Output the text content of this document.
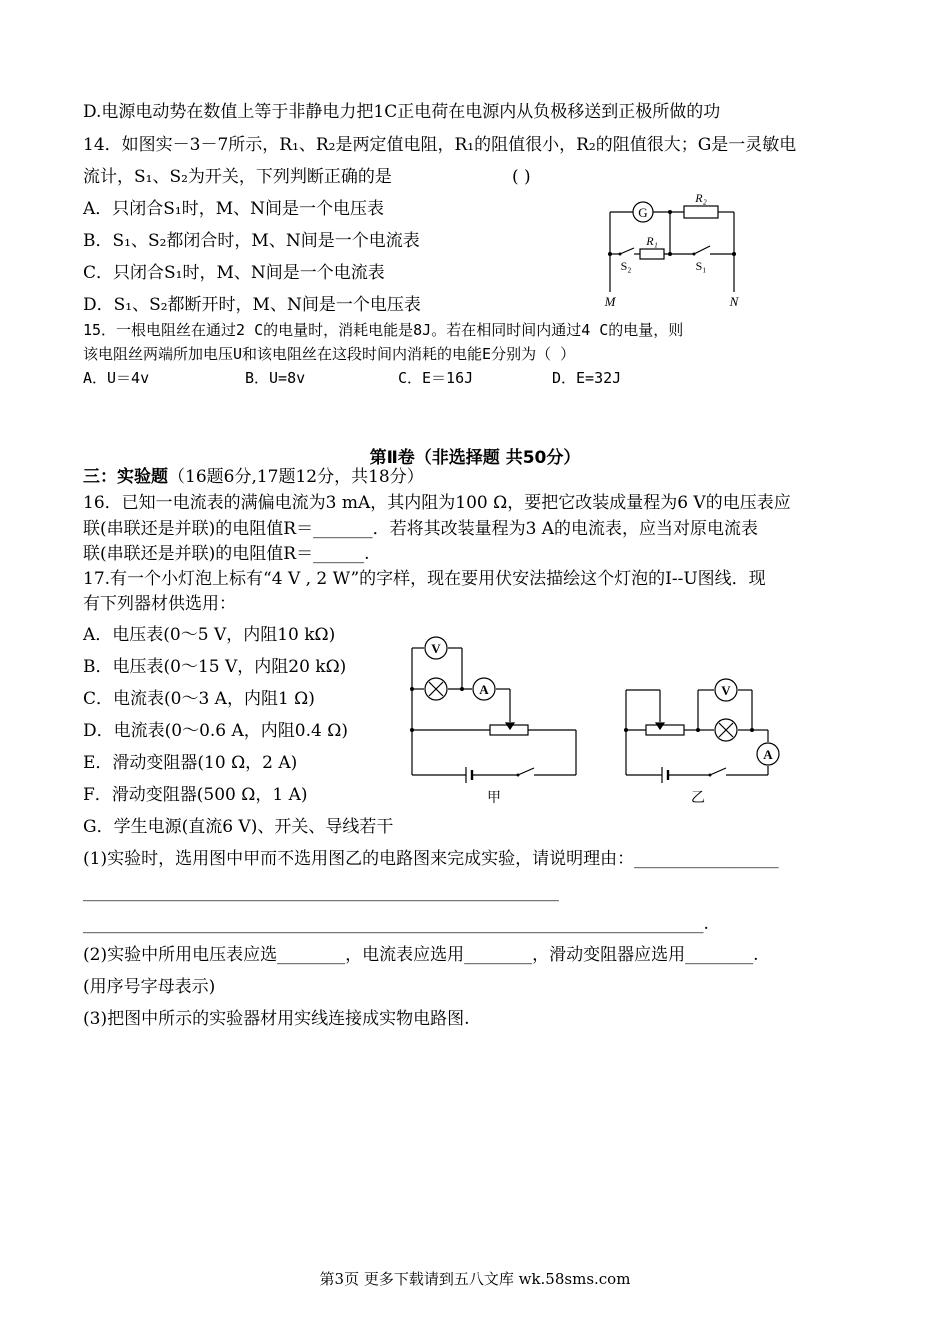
D.电源电动势在数值上等于非静电力把1C正电荷在电源内从负极移送到正极所做的功
14．如图实－3－7所示，R₁、R₂是两定值电阻，R₁的阻值很小，R₂的阻值很大；G是一灵敏电
流计，S₁、S₂为开关，下列判断正确的是	( )
A．只闭合S₁时，M、N间是一个电压表
B．S₁、S₂都闭合时，M、N间是一个电流表
C．只闭合S₁时，M、N间是一个电流表
D．S₁、S₂都断开时，M、N间是一个电压表
G
R₂
R₁
S₂	S₁
M	N
15．一根电阻丝在通过2 C的电量时，消耗电能是8J。若在相同时间内通过4 C的电量，则
该电阻丝两端所加电压U和该电阻丝在这段时间内消耗的电能E分别为（ ）
A．U＝4v	B．U=8v	C．E＝16J	D．E=32J
第Ⅱ卷（非选择题 共50分）
三：实验题（16题6分,17题12分，共18分）
16．已知一电流表的满偏电流为3 mA，其内阻为100 Ω，要把它改装成量程为6 V的电压表应
联(串联还是并联)的电阻值R＝_______．若将其改装量程为3 A的电流表，应当对原电流表
联(串联还是并联)的电阻值R＝______.
17.有一个小灯泡上标有“4 V , 2 W”的字样，现在要用伏安法描绘这个灯泡的I--U图线．现
有下列器材供选用：
A．电压表(0～5 V，内阻10 kΩ)
B．电压表(0～15 V，内阻20 kΩ)
C．电流表(0～3 A，内阻1 Ω)
D．电流表(0～0.6 A，内阻0.4 Ω)
E．滑动变阻器(10 Ω，2 A)
F．滑动变阻器(500 Ω，1 A)
G．学生电源(直流6 V)、开关、导线若干
V
A	V
A
甲	乙
(1)实验时，选用图中甲而不选用图乙的电路图来完成实验，请说明理由：_________________
________________________________________________________
_________________________________________________________________________.
(2)实验中所用电压表应选________，电流表应选用________，滑动变阻器应选用________.
(用序号字母表示)
(3)把图中所示的实验器材用实线连接成实物电路图.
第3页 更多下载请到五八文库 wk.58sms.com
